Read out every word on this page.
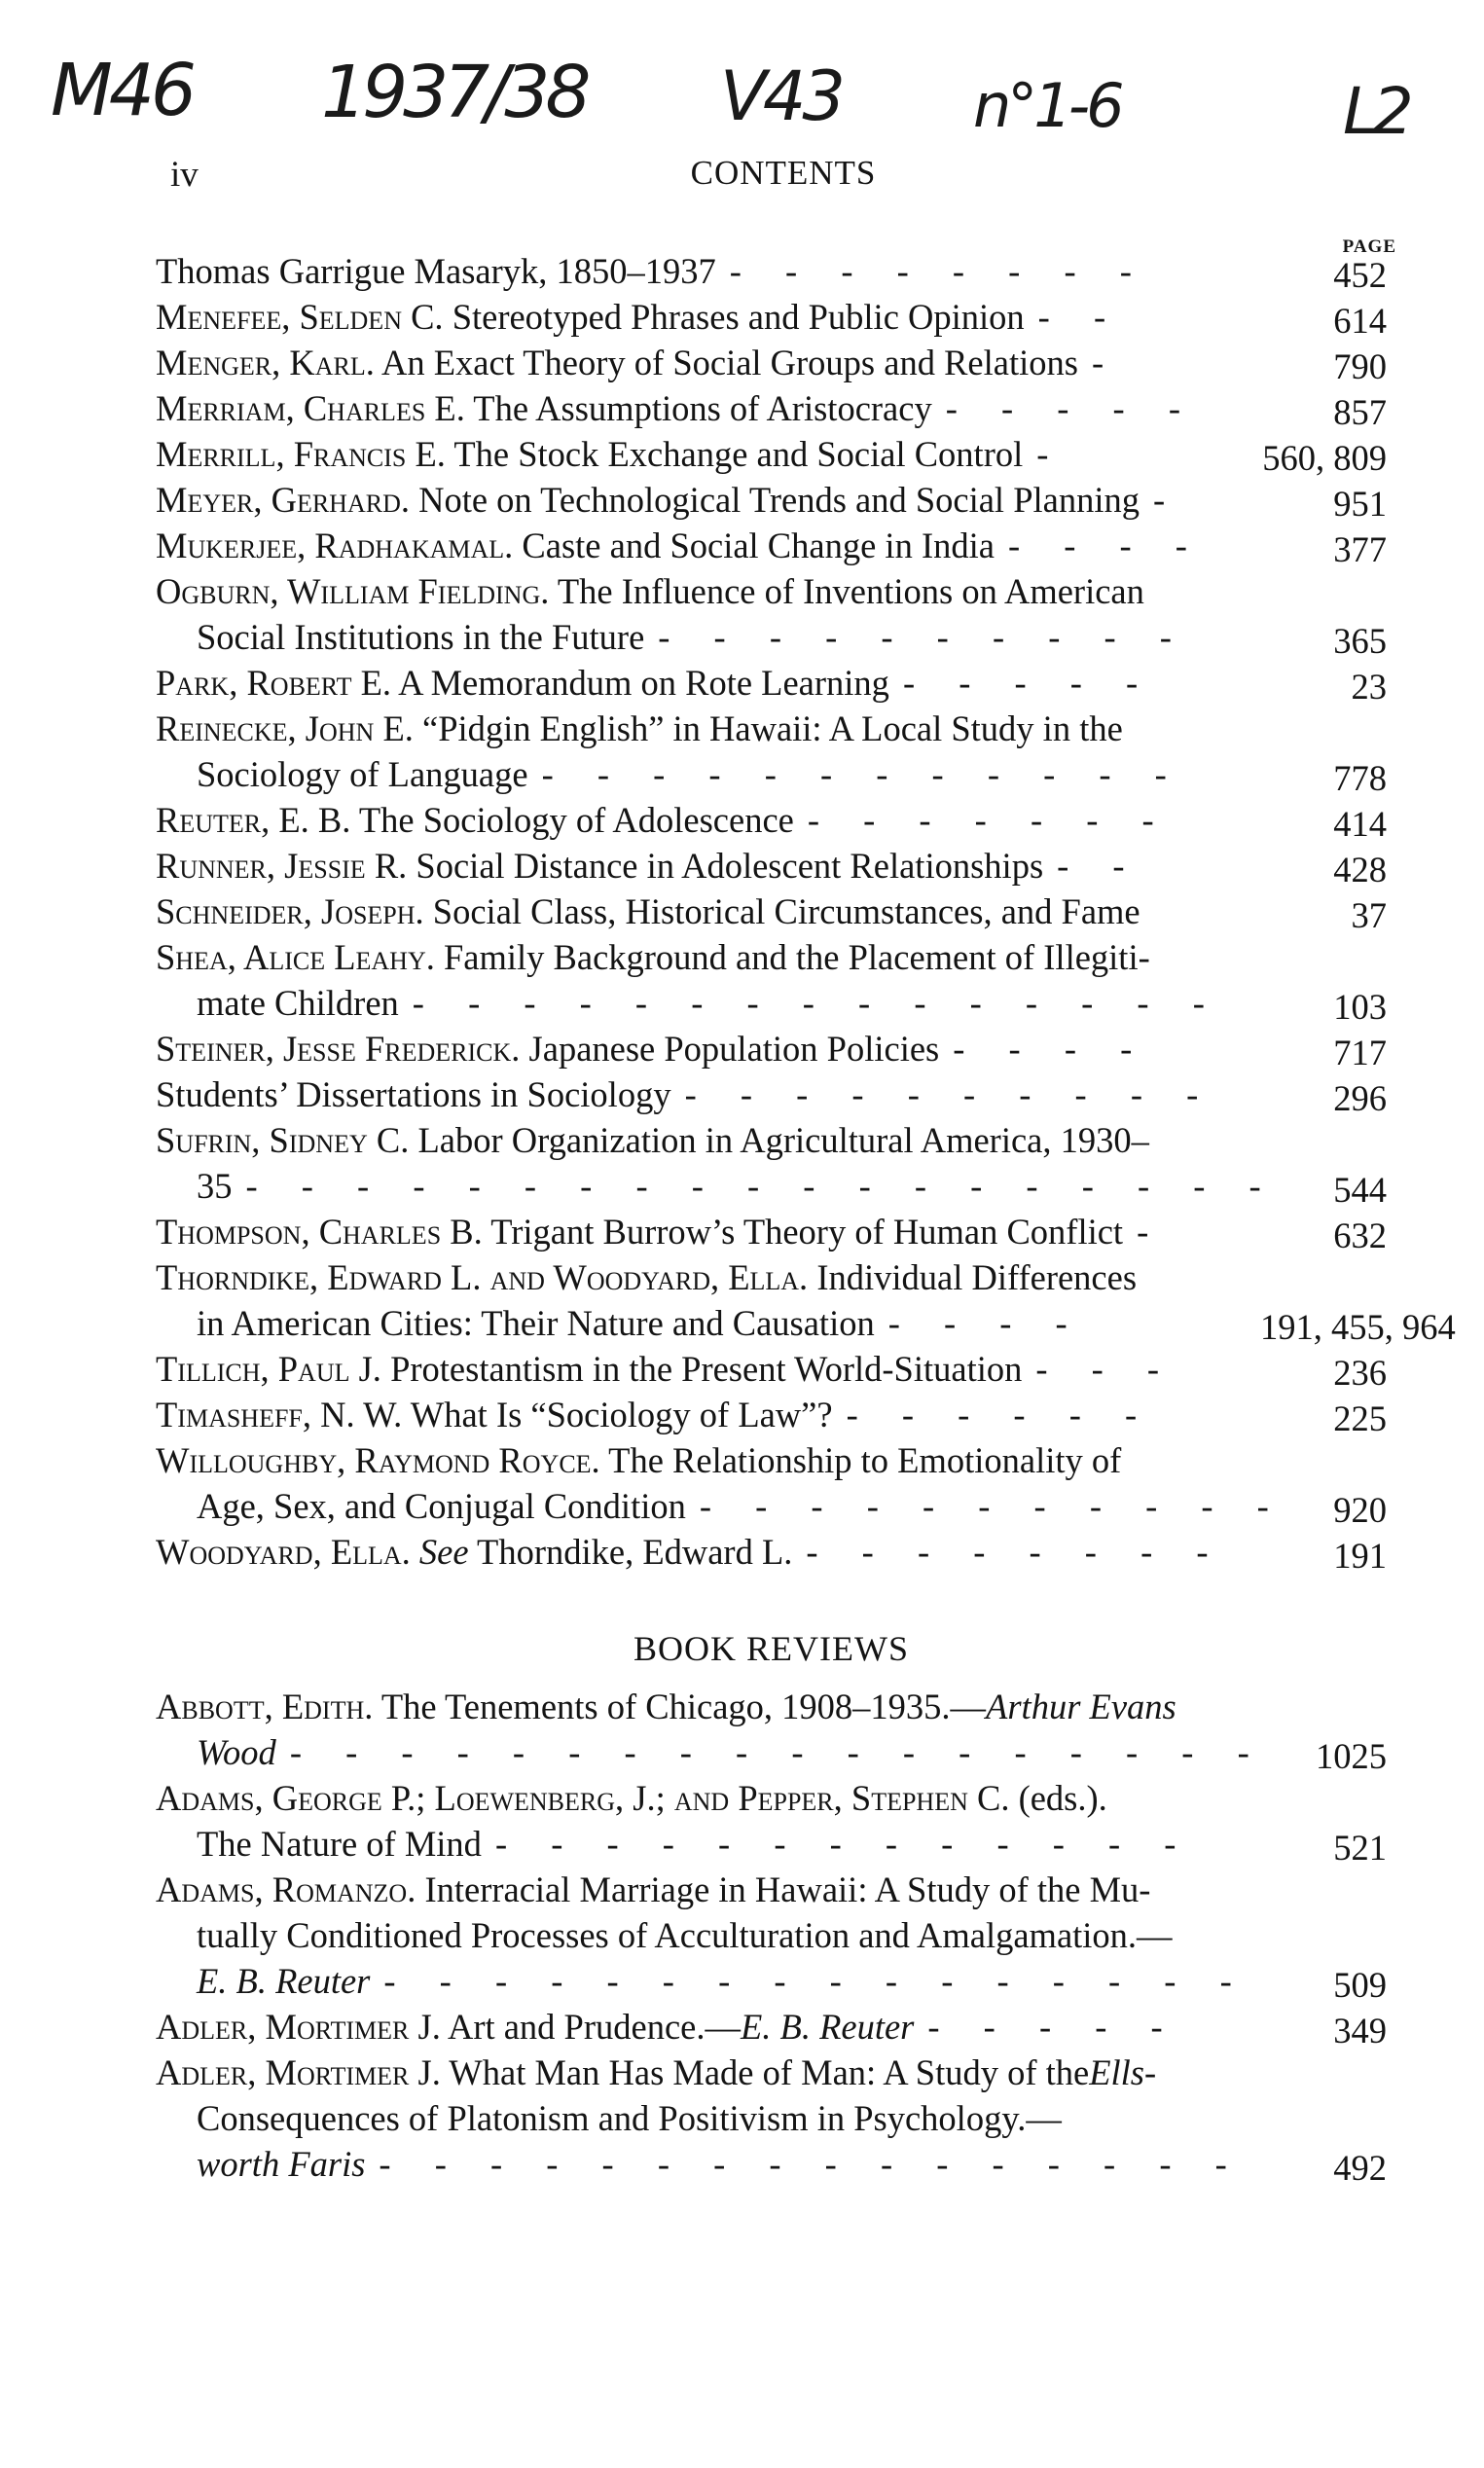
M46 1937/38 V43 n°1-6	L2
iv	CONTENTS
PAGE
Thomas Garrigue Masaryk, 1850–1937 - - - - - - - -	452
Menefee, Selden C. Stereotyped Phrases and Public Opinion - -	614
Menger, Karl. An Exact Theory of Social Groups and Relations -	790
Merriam, Charles E. The Assumptions of Aristocracy - - - - -	857
Merrill, Francis E. The Stock Exchange and Social Control -	560, 809
Meyer, Gerhard. Note on Technological Trends and Social Planning -	951
Mukerjee, Radhakamal. Caste and Social Change in India - - - -	377
Ogburn, William Fielding. The Influence of Inventions on American
Social Institutions in the Future - - - - - - - - - -	365
Park, Robert E. A Memorandum on Rote Learning - - - - -	23
Reinecke, John E. “Pidgin English” in Hawaii: A Local Study in the
Sociology of Language - - - - - - - - - - - -	778
Reuter, E. B. The Sociology of Adolescence - - - - - - -	414
Runner, Jessie R. Social Distance in Adolescent Relationships - -	428
Schneider, Joseph. Social Class, Historical Circumstances, and Fame	37
Shea, Alice Leahy. Family Background and the Placement of Illegiti-
mate Children - - - - - - - - - - - - - - -	103
Steiner, Jesse Frederick. Japanese Population Policies - - - -	717
Students’ Dissertations in Sociology - - - - - - - - - -	296
Sufrin, Sidney C. Labor Organization in Agricultural America, 1930–
35 - - - - - - - - - - - - - - - - - - -	544
Thompson, Charles B. Trigant Burrow’s Theory of Human Conflict -	632
Thorndike, Edward L. and Woodyard, Ella. Individual Differences
in American Cities: Their Nature and Causation - - - -	191, 455, 964
Tillich, Paul J. Protestantism in the Present World-Situation - - -	236
Timasheff, N. W. What Is “Sociology of Law”? - - - - - -	225
Willoughby, Raymond Royce. The Relationship to Emotionality of
Age, Sex, and Conjugal Condition - - - - - - - - - - -	920
Woodyard, Ella. See Thorndike, Edward L. - - - - - - - -	191
BOOK REVIEWS
Abbott, Edith. The Tenements of Chicago, 1908–1935.—Arthur Evans
Wood - - - - - - - - - - - - - - - - - -	1025
Adams, George P.; Loewenberg, J.; and Pepper, Stephen C. (eds.).
The Nature of Mind - - - - - - - - - - - - -	521
Adams, Romanzo. Interracial Marriage in Hawaii: A Study of the Mu-
tually Conditioned Processes of Acculturation and Amalgamation.—
E. B. Reuter - - - - - - - - - - - - - - - -	509
Adler, Mortimer J. Art and Prudence.—E. B. Reuter - - - - -	349
Adler, Mortimer J. What Man Has Made of Man: A Study of theElls-
Consequences of Platonism and Positivism in Psychology.—
worth Faris - - - - - - - - - - - - - - - -	492
